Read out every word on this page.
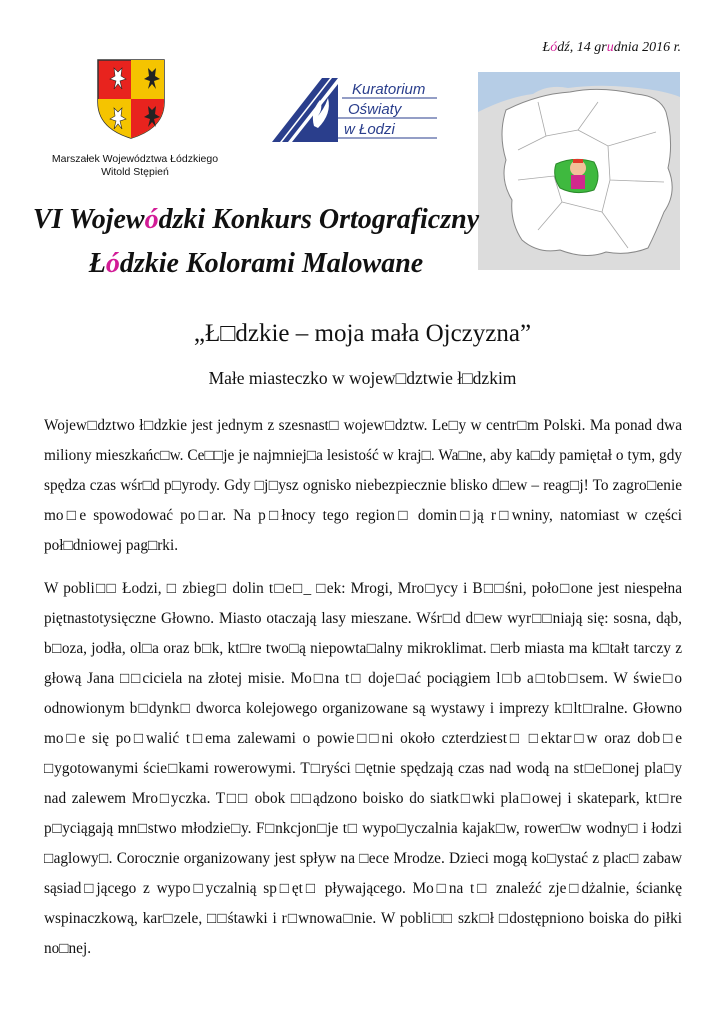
Łódź, 14 grudnia 2016 r.
Marszałek Województwa Łódzkiego
Witold Stępień
Kuratorium
Oświaty
w Łodzi
VI Wojewódzki Konkurs Ortograficzny
Łódzkie Kolorami Malowane
„Ł□dzkie – moja mała Ojczyzna”
Małe miasteczko w wojew□dztwie ł□dzkim

Wojew□dztwo ł□dzkie jest jednym z szesnast□ wojew□dztw. Le□y w centr□m Polski. Ma ponad dwa miliony mieszkańc□w. Ce□□je je najmniej□a lesistość w kraj□. Wa□ne, aby ka□dy pamiętał o tym, gdy spędza czas wśr□d p□yrody. Gdy □j□ysz ognisko niebezpiecznie blisko d□ew – reag□j! To zagro□enie mo□e spowodować po□ar. Na p□łnocy tego region□ domin□ją r□wniny, natomiast w części poł□dniowej pag□rki.

W pobli□□ Łodzi, □ zbieg□ dolin t□e□_ □ek: Mrogi, Mro□ycy i B□□śni, poło□one jest niespełna piętnastotysięczne Głowno. Miasto otaczają lasy mieszane. Wśr□d d□ew wyr□□niają się: sosna, dąb, b□oza, jodła, ol□a oraz b□k, kt□re two□ą niepowta□alny mikroklimat. □erb miasta ma k□tałt tarczy z głową Jana □□ciciela na złotej misie. Mo□na t□ doje□ać pociągiem l□b a□tob□sem. W świe□o odnowionym b□dynk□ dworca kolejowego organizowane są wystawy i imprezy k□lt□ralne. Głowno mo□e się po□walić t□ema zalewami o powie□□ni około czterdziest□ □ektar□w oraz dob□e □ygotowanymi ście□kami rowerowymi. T□ryści □ętnie spędzają czas nad wodą na st□e□onej pla□y nad zalewem Mro□yczka. T□□ obok □□ądzono boisko do siatk□wki pla□owej i skatepark, kt□re p□yciągają mn□stwo młodzie□y. F□nkcjon□je t□ wypo□yczalnia kajak□w, rower□w wodny□ i łodzi □aglowy□. Corocznie organizowany jest spływ na □ece Mrodze. Dzieci mogą ko□ystać z plac□ zabaw sąsiad□jącego z wypo□yczalnią sp□ęt□ pływającego. Mo□na t□ znaleźć zje□dżalnie, ściankę wspinaczkową, kar□zele, □□śtawki i r□wnowa□nie. W pobli□□ szk□ł □dostępniono boiska do piłki no□nej.
